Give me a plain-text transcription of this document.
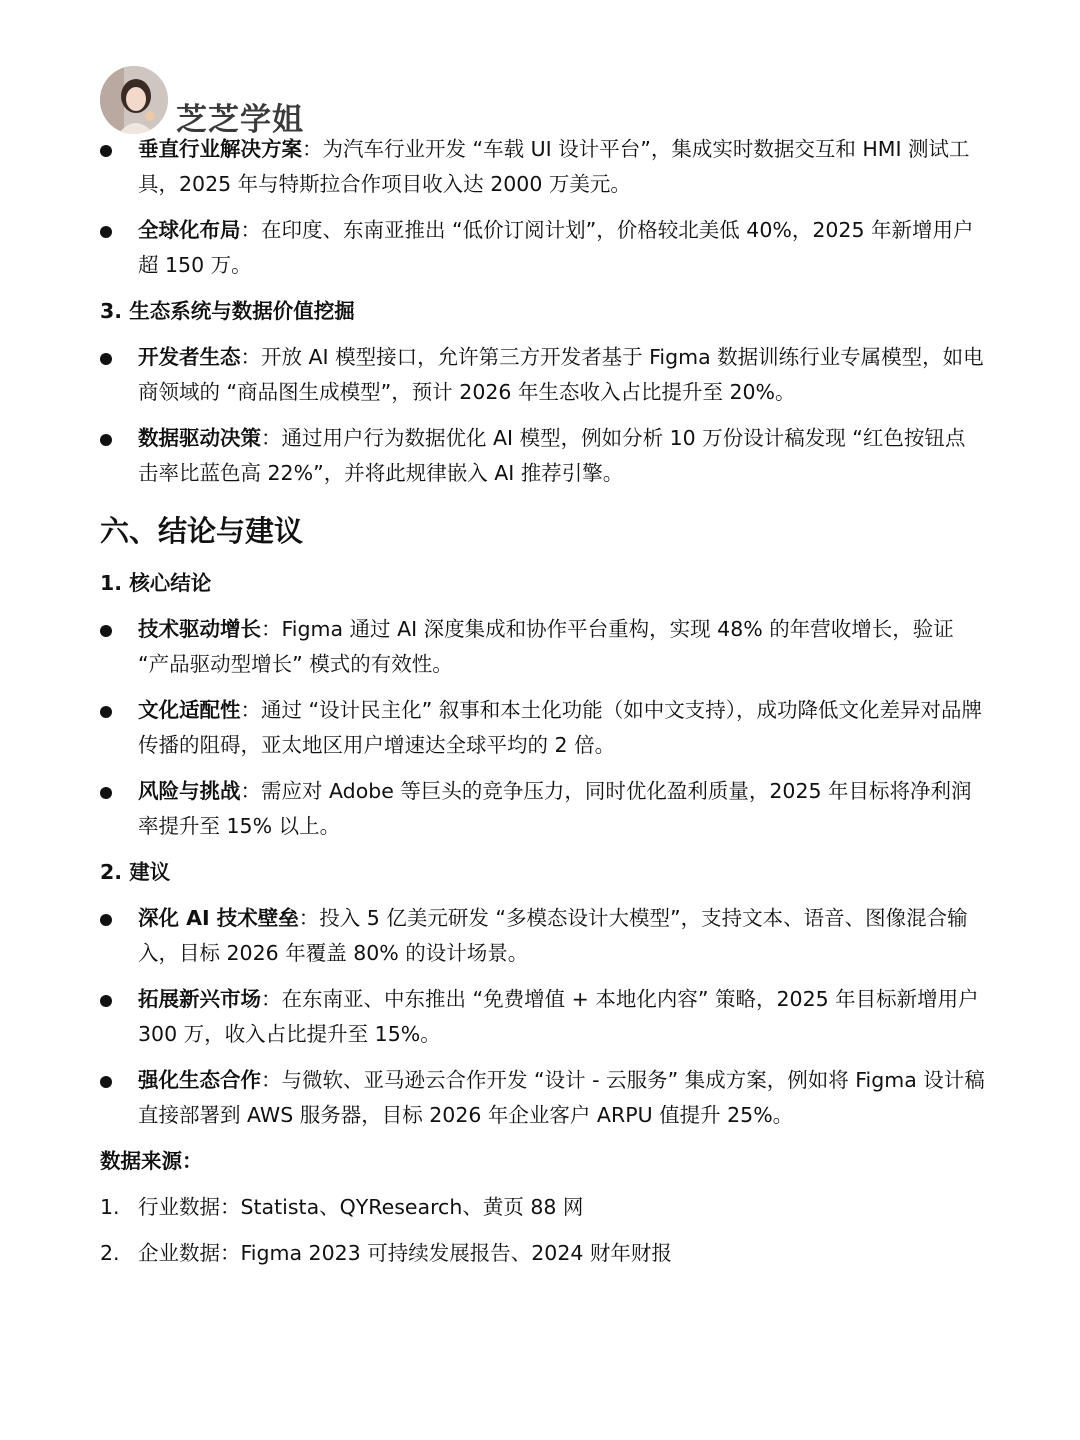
芝芝学姐
垂直行业解决方案：为汽车行业开发 “车载 UI 设计平台”，集成实时数据交互和 HMI 测试工具，2025 年与特斯拉合作项目收入达 2000 万美元。
全球化布局：在印度、东南亚推出 “低价订阅计划”，价格较北美低 40%，2025 年新增用户超 150 万。
3. 生态系统与数据价值挖掘
开发者生态：开放 AI 模型接口，允许第三方开发者基于 Figma 数据训练行业专属模型，如电商领域的 “商品图生成模型”，预计 2026 年生态收入占比提升至 20%。
数据驱动决策：通过用户行为数据优化 AI 模型，例如分析 10 万份设计稿发现 “红色按钮点击率比蓝色高 22%”，并将此规律嵌入 AI 推荐引擎。
六、结论与建议
1. 核心结论
技术驱动增长：Figma 通过 AI 深度集成和协作平台重构，实现 48% 的年营收增长，验证 “产品驱动型增长” 模式的有效性。
文化适配性：通过 “设计民主化” 叙事和本土化功能（如中文支持），成功降低文化差异对品牌传播的阻碍，亚太地区用户增速达全球平均的 2 倍。
风险与挑战：需应对 Adobe 等巨头的竞争压力，同时优化盈利质量，2025 年目标将净利润率提升至 15% 以上。
2. 建议
深化 AI 技术壁垒：投入 5 亿美元研发 “多模态设计大模型”，支持文本、语音、图像混合输入，目标 2026 年覆盖 80% 的设计场景。
拓展新兴市场：在东南亚、中东推出 “免费增值 + 本地化内容” 策略，2025 年目标新增用户 300 万，收入占比提升至 15%。
强化生态合作：与微软、亚马逊云合作开发 “设计 - 云服务” 集成方案，例如将 Figma 设计稿直接部署到 AWS 服务器，目标 2026 年企业客户 ARPU 值提升 25%。
数据来源：
1. 行业数据：Statista、QYResearch、黄页 88 网
2. 企业数据：Figma 2023 可持续发展报告、2024 财年财报
